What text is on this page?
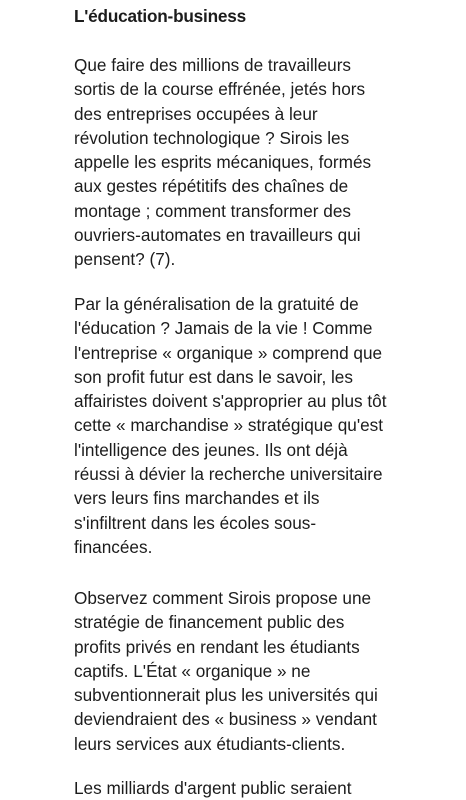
L'éducation-business

Que faire des millions de travailleurs
sortis de la course effrénée, jetés hors
des entreprises occupées à leur
révolution technologique ? Sirois les
appelle les esprits mécaniques, formés
aux gestes répétitifs des chaînes de
montage ; comment transformer des
ouvriers-automates en travailleurs qui
pensent? (7).

Par la généralisation de la gratuité de
l'éducation ? Jamais de la vie ! Comme
l'entreprise « organique » comprend que
son profit futur est dans le savoir, les
affairistes doivent s'approprier au plus tôt
cette « marchandise » stratégique qu'est
l'intelligence des jeunes. Ils ont déjà
réussi à dévier la recherche universitaire
vers leurs fins marchandes et ils
s'infiltrent dans les écoles sous-
financées.

Observez comment Sirois propose une
stratégie de financement public des
profits privés en rendant les étudiants
captifs. L'État « organique » ne
subventionnerait plus les universités qui
deviendraient des « business » vendant
leurs services aux étudiants-clients.

Les milliards d'argent public seraient
